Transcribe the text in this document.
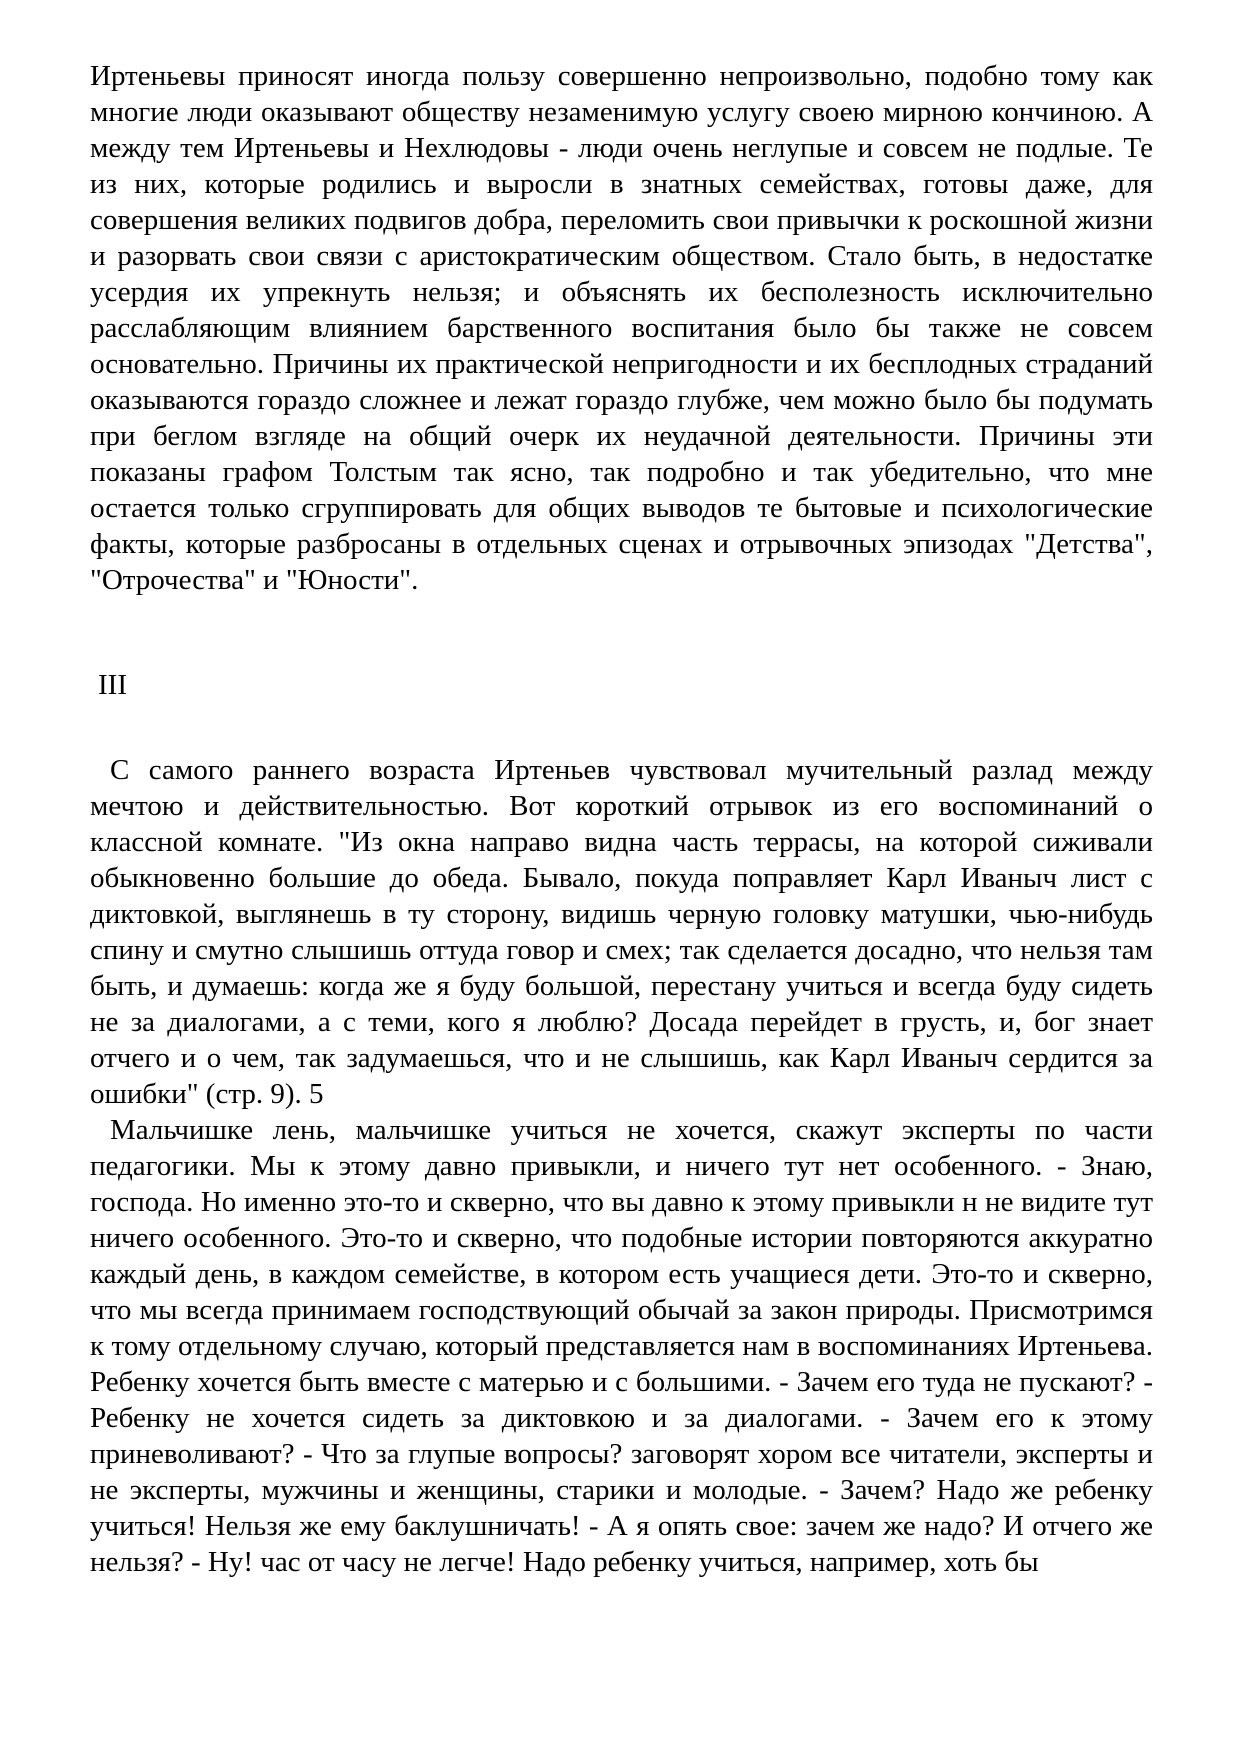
Иртеньевы приносят иногда пользу совершенно непроизвольно, подобно тому как многие люди оказывают обществу незаменимую услугу своею мирною кончиною. А между тем Иртеньевы и Нехлюдовы - люди очень неглупые и совсем не подлые. Те из них, которые родились и выросли в знатных семействах, готовы даже, для совершения великих подвигов добра, переломить свои привычки к роскошной жизни и разорвать свои связи с аристократическим обществом. Стало быть, в недостатке усердия их упрекнуть нельзя; и объяснять их бесполезность исключительно расслабляющим влиянием барственного воспитания было бы также не совсем основательно. Причины их практической непригодности и их бесплодных страданий оказываются гораздо сложнее и лежат гораздо глубже, чем можно было бы подумать при беглом взгляде на общий очерк их неудачной деятельности. Причины эти показаны графом Толстым так ясно, так подробно и так убедительно, что мне остается только сгруппировать для общих выводов те бытовые и психологические факты, которые разбросаны в отдельных сценах и отрывочных эпизодах "Детства", "Отрочества" и "Юности".

III

С самого раннего возраста Иртеньев чувствовал мучительный разлад между мечтою и действительностью. Вот короткий отрывок из его воспоминаний о классной комнате. "Из окна направо видна часть террасы, на которой сиживали обыкновенно большие до обеда. Бывало, покуда поправляет Карл Иваныч лист с диктовкой, выглянешь в ту сторону, видишь черную головку матушки, чью-нибудь спину и смутно слышишь оттуда говор и смех; так сделается досадно, что нельзя там быть, и думаешь: когда же я буду большой, перестану учиться и всегда буду сидеть не за диалогами, а с теми, кого я люблю? Досада перейдет в грусть, и, бог знает отчего и о чем, так задумаешься, что и не слышишь, как Карл Иваныч сердится за ошибки" (стр. 9). 5

Мальчишке лень, мальчишке учиться не хочется, скажут эксперты по части педагогики. Мы к этому давно привыкли, и ничего тут нет особенного. - Знаю, господа. Но именно это-то и скверно, что вы давно к этому привыкли н не видите тут ничего особенного. Это-то и скверно, что подобные истории повторяются аккуратно каждый день, в каждом семействе, в котором есть учащиеся дети. Это-то и скверно, что мы всегда принимаем господствующий обычай за закон природы. Присмотримся к тому отдельному случаю, который представляется нам в воспоминаниях Иртеньева. Ребенку хочется быть вместе с матерью и с большими. - Зачем его туда не пускают? - Ребенку не хочется сидеть за диктовкою и за диалогами. - Зачем его к этому приневоливают? - Что за глупые вопросы? заговорят хором все читатели, эксперты и не эксперты, мужчины и женщины, старики и молодые. - Зачем? Надо же ребенку учиться! Нельзя же ему баклушничать! - А я опять свое: зачем же надо? И отчего же нельзя? - Ну! час от часу не легче! Надо ребенку учиться, например, хоть бы
